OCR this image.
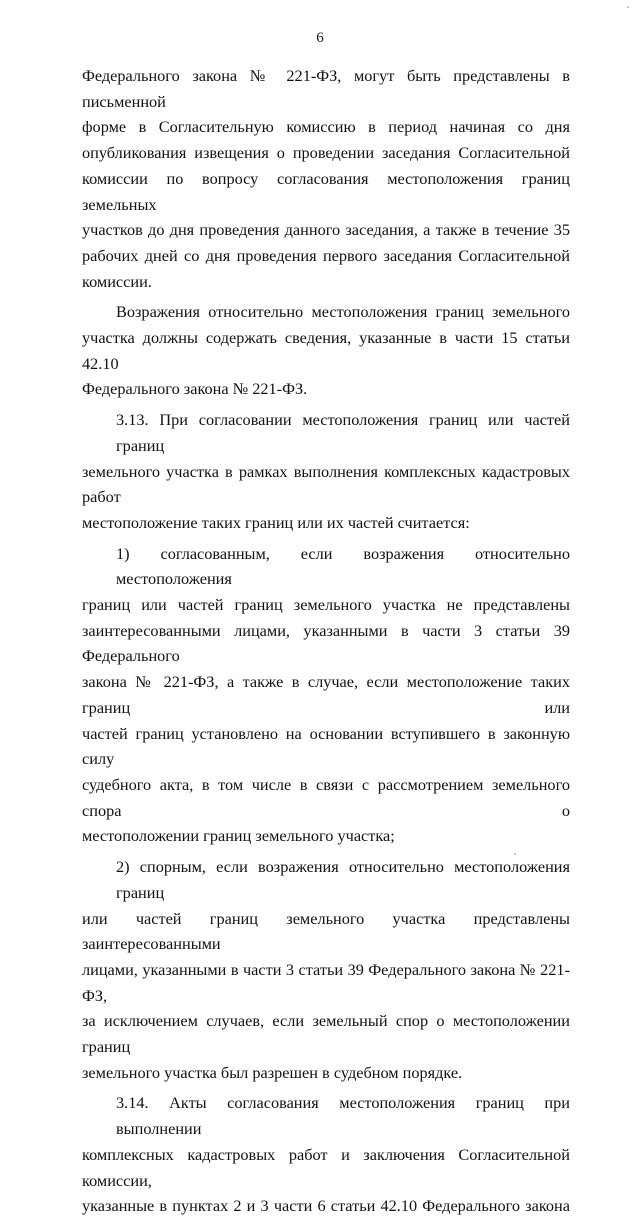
6
Федерального закона № 221-ФЗ, могут быть представлены в письменной
форме в Согласительную комиссию в период начиная со дня
опубликования извещения о проведении заседания Согласительной
комиссии по вопросу согласования местоположения границ земельных
участков до дня проведения данного заседания, а также в течение 35
рабочих дней со дня проведения первого заседания Согласительной
комиссии.
Возражения относительно местоположения границ земельного
участка должны содержать сведения, указанные в части 15 статьи 42.10
Федерального закона № 221-ФЗ.
3.13. При согласовании местоположения границ или частей границ
земельного участка в рамках выполнения комплексных кадастровых работ
местоположение таких границ или их частей считается:
1) согласованным, если возражения относительно местоположения
границ или частей границ земельного участка не представлены
заинтересованными лицами, указанными в части 3 статьи 39 Федерального
закона № 221-ФЗ, а также в случае, если местоположение таких границ или
частей границ установлено на основании вступившего в законную силу
судебного акта, в том числе в связи с рассмотрением земельного спора о
местоположении границ земельного участка;
2) спорным, если возражения относительно местоположения границ
или частей границ земельного участка представлены заинтересованными
лицами, указанными в части 3 статьи 39 Федерального закона № 221-ФЗ,
за исключением случаев, если земельный спор о местоположении границ
земельного участка был разрешен в судебном порядке.
3.14. Акты согласования местоположения границ при выполнении
комплексных кадастровых работ и заключения Согласительной комиссии,
указанные в пунктах 2 и 3 части 6 статьи 42.10 Федерального закона
